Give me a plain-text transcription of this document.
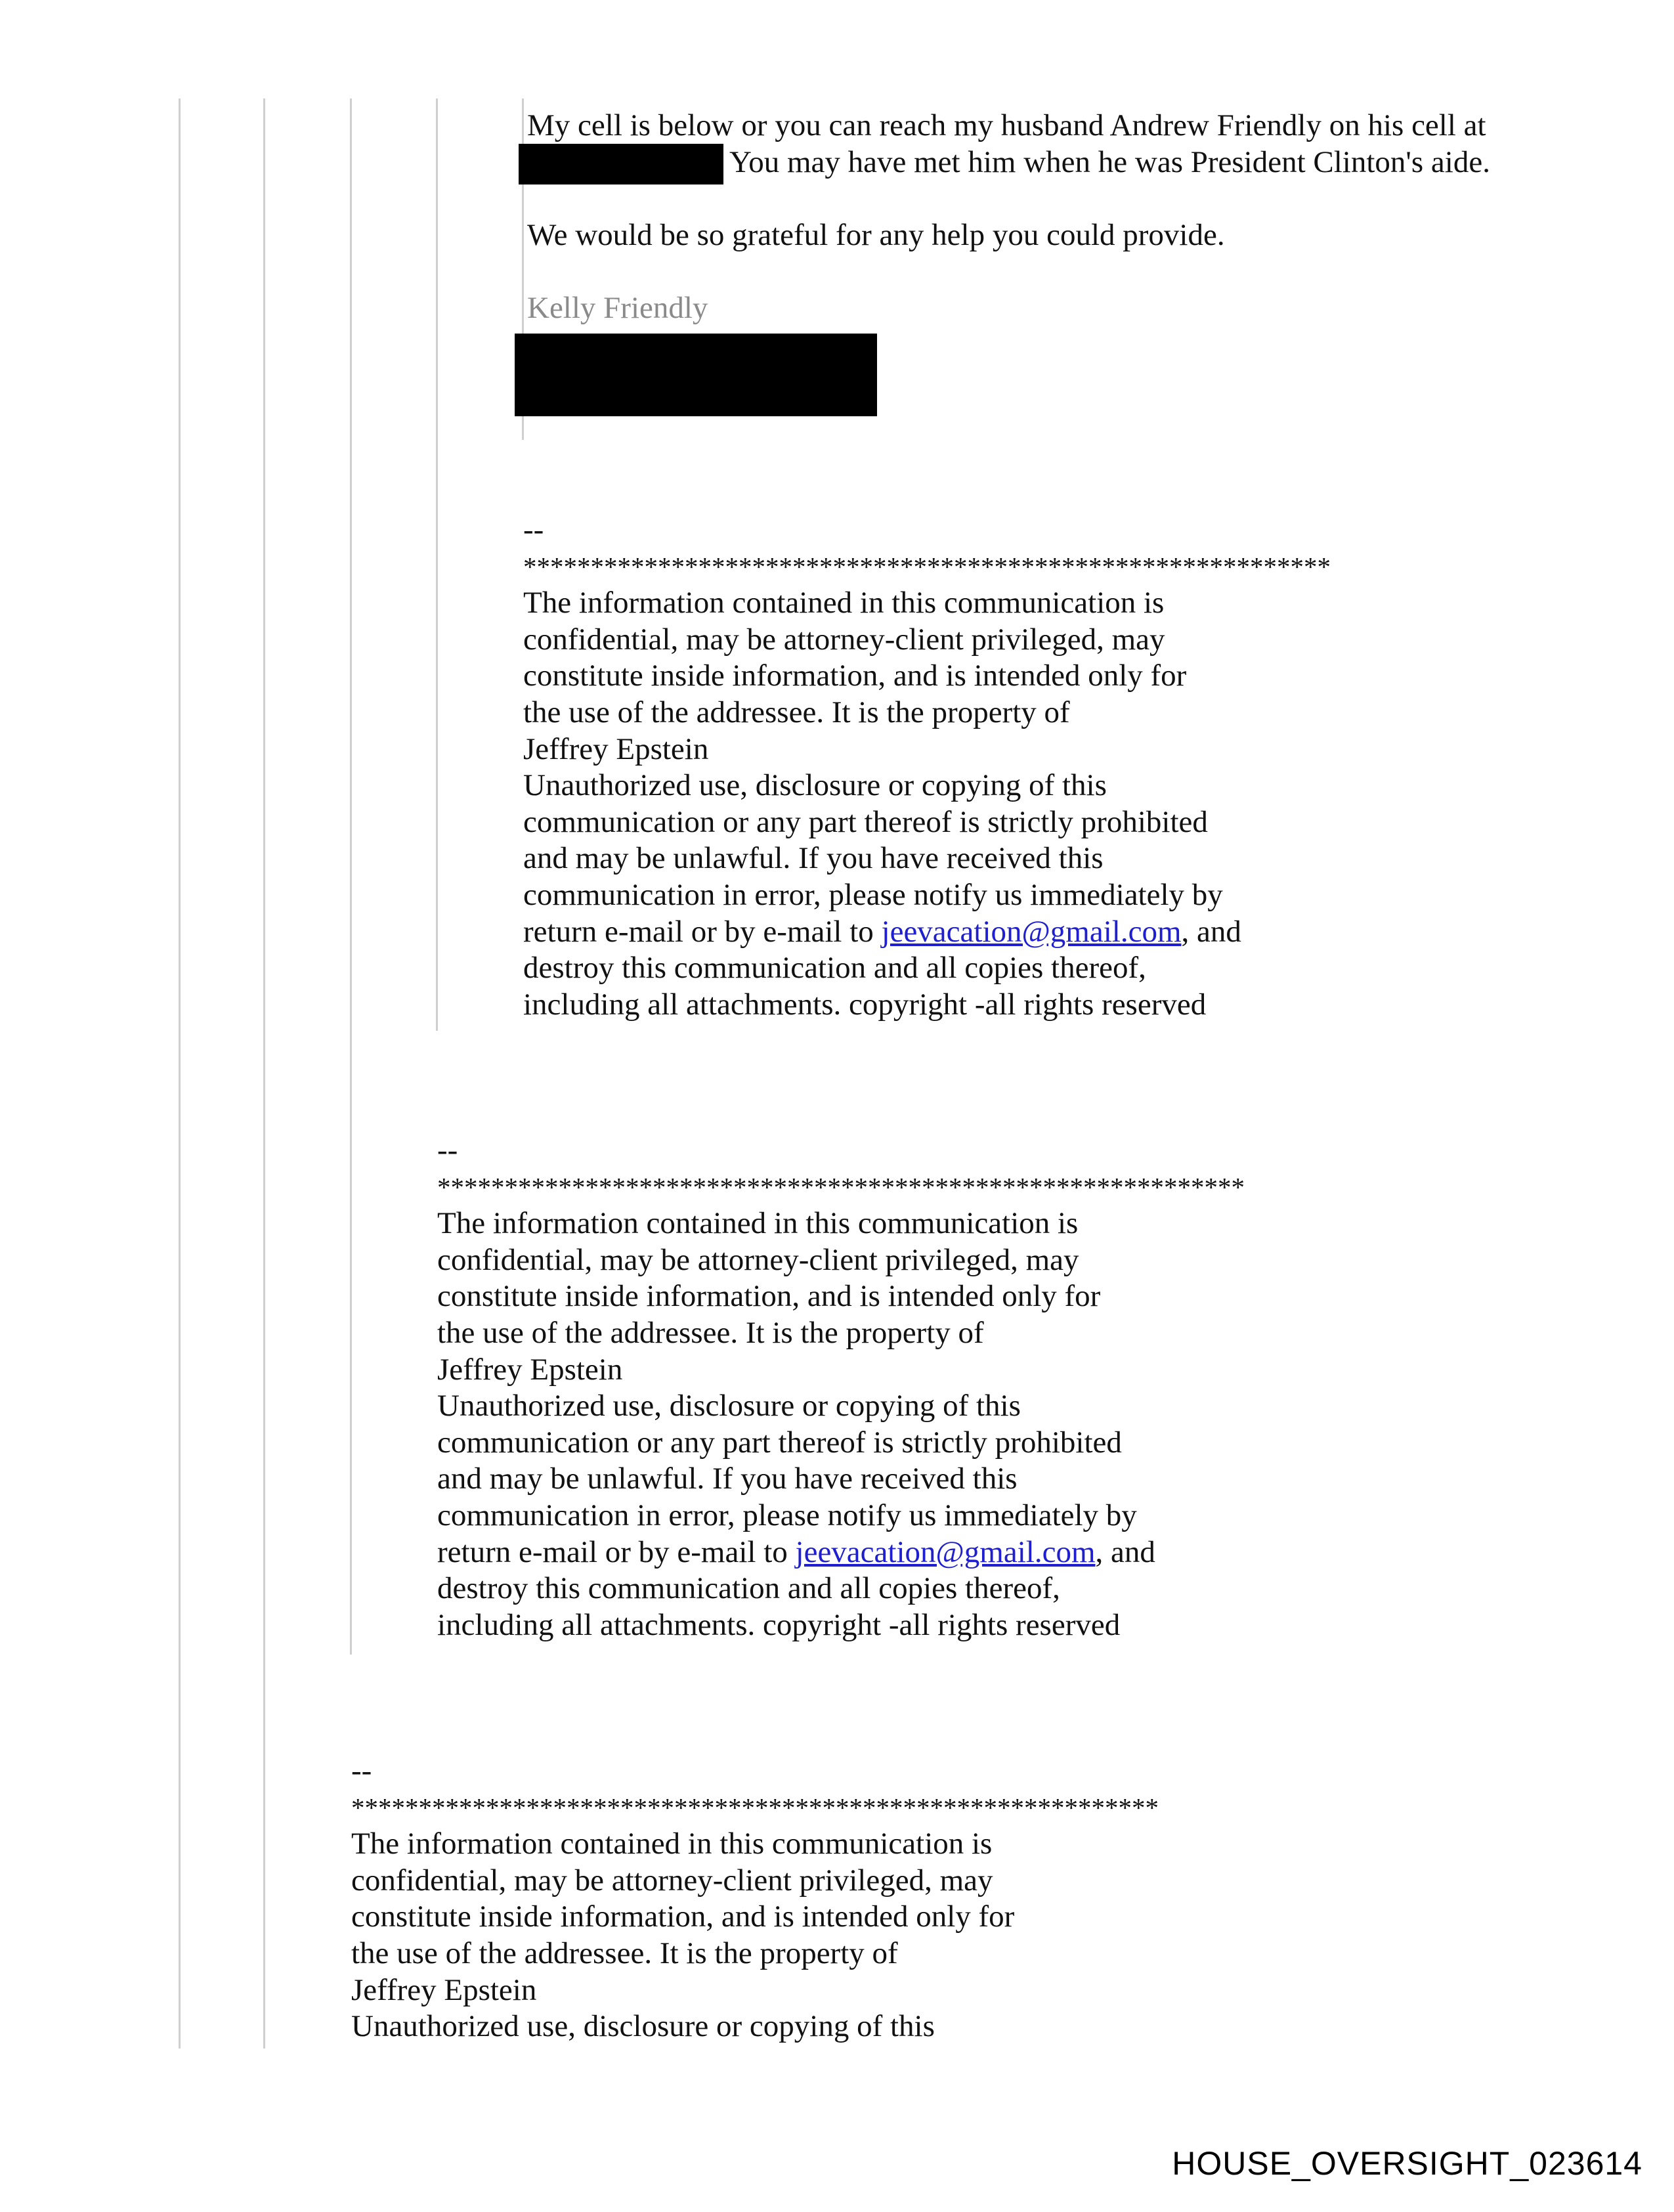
My cell is below or you can reach my husband Andrew Friendly on his cell at

You may have met him when he was President Clinton's aide.

We would be so grateful for any help you could provide.

Kelly Friendly

--

************************************************************

The information contained in this communication is

confidential, may be attorney-client privileged, may

constitute inside information, and is intended only for

the use of the addressee. It is the property of

Jeffrey Epstein

Unauthorized use, disclosure or copying of this

communication or any part thereof is strictly prohibited

and may be unlawful. If you have received this

communication in error, please notify us immediately by

return e-mail or by e-mail to jeevacation@gmail.com, and

destroy this communication and all copies thereof,

including all attachments. copyright -all rights reserved

--

************************************************************

The information contained in this communication is

confidential, may be attorney-client privileged, may

constitute inside information, and is intended only for

the use of the addressee. It is the property of

Jeffrey Epstein

Unauthorized use, disclosure or copying of this

communication or any part thereof is strictly prohibited

and may be unlawful. If you have received this

communication in error, please notify us immediately by

return e-mail or by e-mail to jeevacation@gmail.com, and

destroy this communication and all copies thereof,

including all attachments. copyright -all rights reserved

--

************************************************************

The information contained in this communication is

confidential, may be attorney-client privileged, may

constitute inside information, and is intended only for

the use of the addressee. It is the property of

Jeffrey Epstein

Unauthorized use, disclosure or copying of this

HOUSE_OVERSIGHT_023614
